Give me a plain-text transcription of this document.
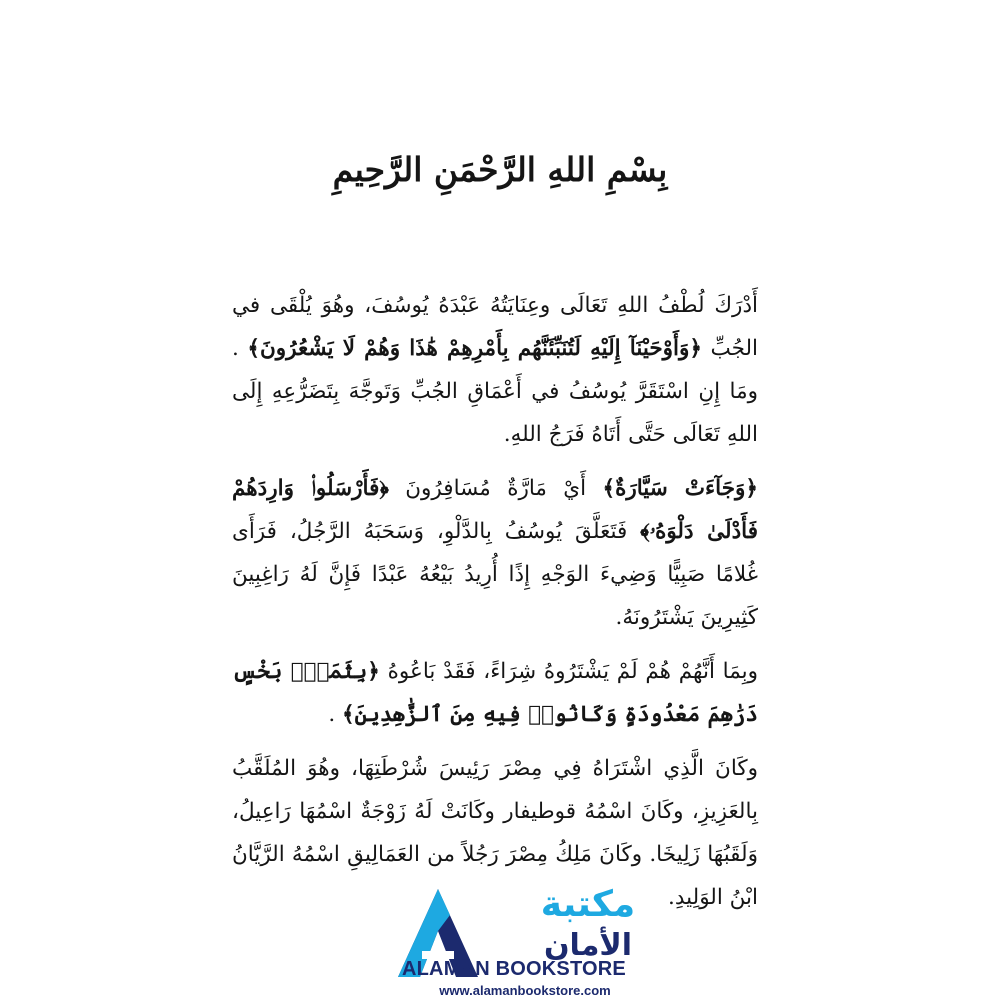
بِسْمِ اللهِ الرَّحْمَنِ الرَّحِيمِ

أَدْرَكَ لُطْفُ اللهِ تَعَالَى وعِنَايَتُهُ عَبْدَهُ يُوسُفَ، وهُوَ يُلْقَى في الجُبِّ ﴿وَأَوْحَيْنَآ إِلَيْهِ لَتُنَبِّئَنَّهُم بِأَمْرِهِمْ هَٰذَا وَهُمْ لَا يَشْعُرُونَ﴾ . ومَا إِنِ اسْتَقَرَّ يُوسُفُ في أَعْمَاقِ الجُبِّ وَتَوجَّهَ بِتَضَرُّعِهِ إِلَى اللهِ تَعَالَى حَتَّى أَتَاهُ فَرَجُ اللهِ.

﴿وَجَآءَتْ سَيَّارَةٌ﴾ أَيْ مَارَّةٌ مُسَافِرُونَ ﴿فَأَرْسَلُوا۟ وَارِدَهُمْ فَأَدْلَىٰ دَلْوَهُۥ﴾ فَتَعَلَّقَ يُوسُفُ بِالدَّلْوِ، وَسَحَبَهُ الرَّجُلُ، فَرَأَى غُلامًا صَبِيًّا وَضِيءَ الوَجْهِ إِذًا أُرِيدُ بَيْعُهُ عَبْدًا فَإِنَّ لَهُ رَاغِبِينَ كَثِيرِينَ يَشْتَرُونَهُ.

وبِمَا أَنَّهُمْ هُمْ لَمْ يَشْتَرُوهُ شِرَاءً، فَقَدْ بَاعُوهُ ﴿بِثَمَنٍۭ بَخْسٍ دَرَٰهِمَ مَعْدُودَةٍ وَكَانُوا۟ فِيهِ مِنَ ٱلزَّٰهِدِينَ﴾ .

وكَانَ الَّذِي اشْتَرَاهُ فِي مِصْرَ رَئِيسَ شُرْطَتِهَا، وهُوَ المُلَقَّبُ بِالعَزِيزِ، وكَانَ اسْمُهُ قوطيفار وكَانَتْ لَهُ زَوْجَةٌ اسْمُهَا رَاعِيلُ، وَلَقَبُهَا زَلِيخَا. وكَانَ مَلِكُ مِصْرَ رَجُلاً من العَمَالِيقِ اسْمُهُ الرَّيَّانُ ابْنُ الوَلِيدِ.

مكتبة
الأمان
ALAMAN BOOKSTORE
www.alamanbookstore.com
